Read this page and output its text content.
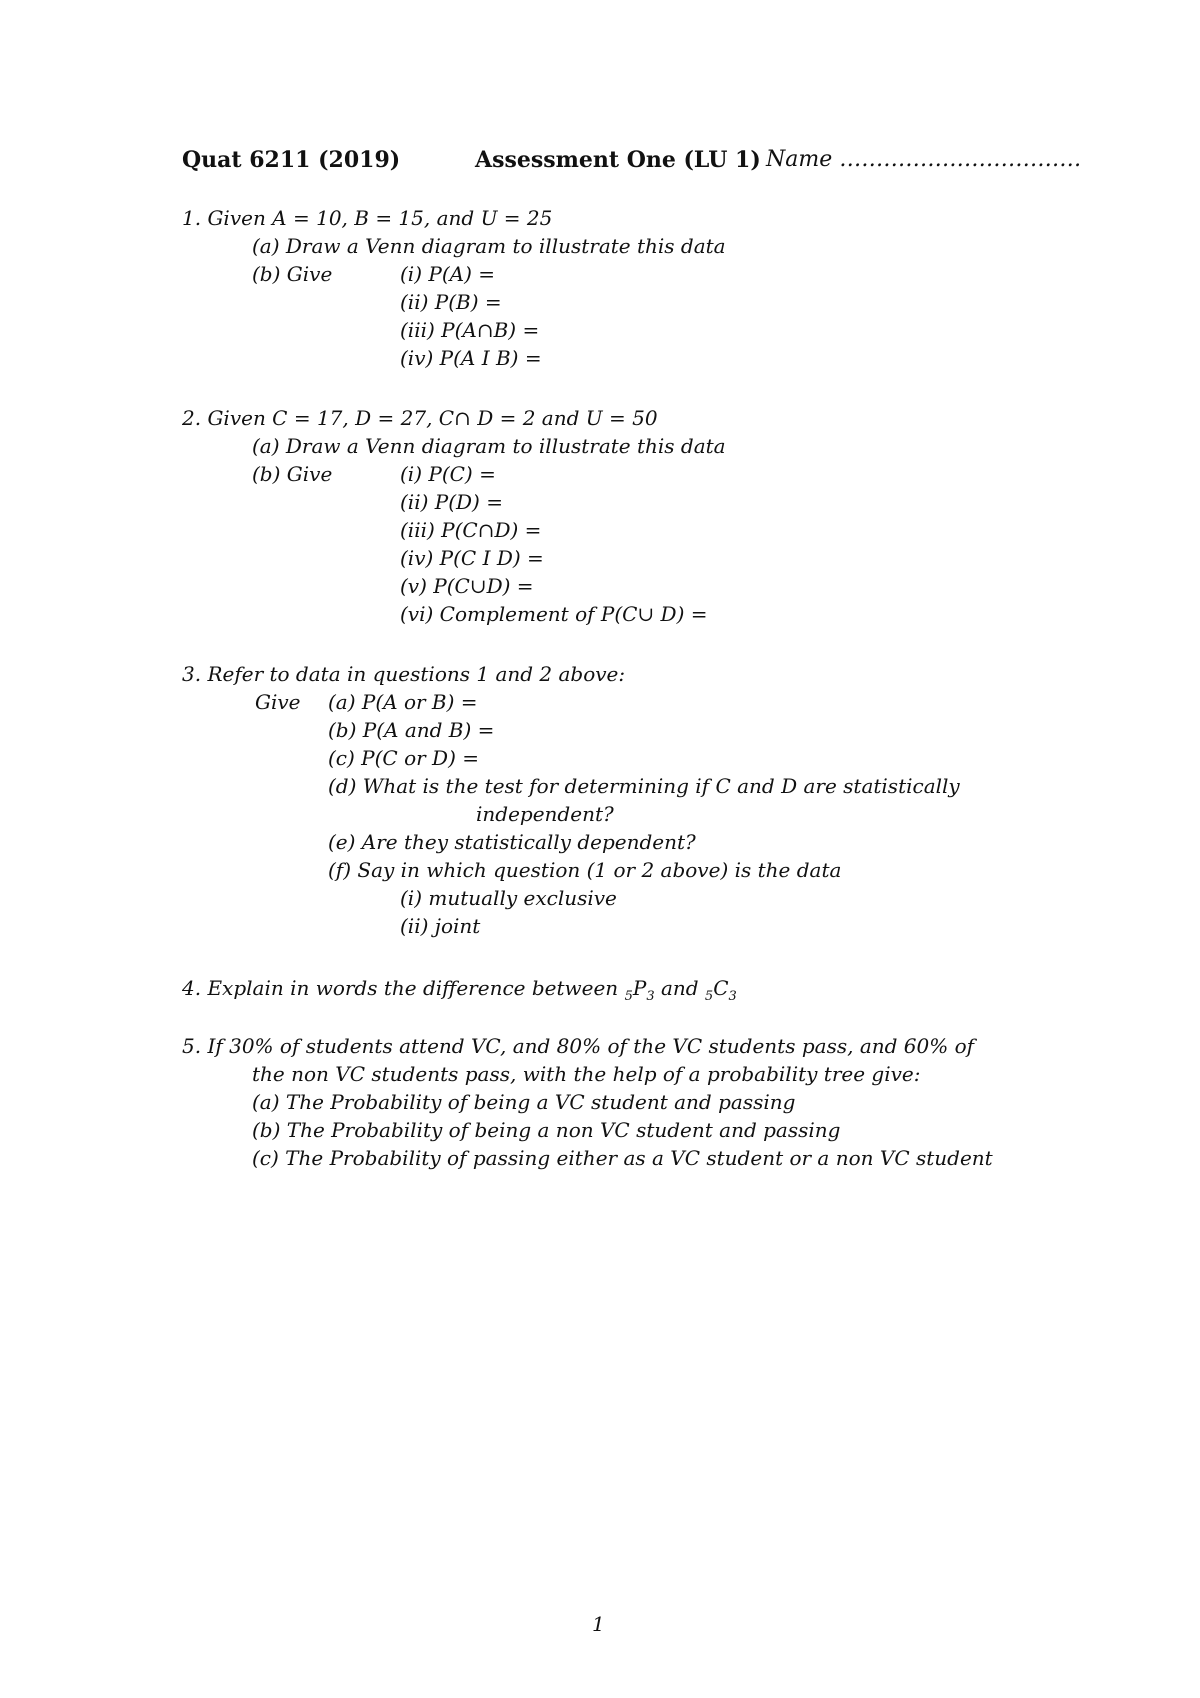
Quat 6211 (2019)	Assessment One (LU 1) Name ……………………………
1. Given A = 10, B = 15, and U = 25
(a) Draw a Venn diagram to illustrate this data
(b) Give	(i) P(A) =
(ii) P(B) =
(iii) P(A∩B) =
(iv) P(A I B) =
2. Given C = 17, D = 27, C∩ D = 2 and U = 50
(a) Draw a Venn diagram to illustrate this data
(b) Give	(i) P(C) =
(ii) P(D) =
(iii) P(C∩D) =
(iv) P(C I D) =
(v) P(C∪D) =
(vi) Complement of P(C∪ D) =
3. Refer to data in questions 1 and 2 above:
Give (a) P(A or B) =
(b) P(A and B) =
(c) P(C or D) =
(d) What is the test for determining if C and D are statistically
independent?
(e) Are they statistically dependent?
(f) Say in which question (1 or 2 above) is the data
(i) mutually exclusive
(ii) joint
4. Explain in words the difference between $_5P_3$ and $_5C_3$
5. If 30% of students attend VC, and 80% of the VC students pass, and 60% of
the non VC students pass, with the help of a probability tree give:
(a) The Probability of being a VC student and passing
(b) The Probability of being a non VC student and passing
(c) The Probability of passing either as a VC student or a non VC student
1
